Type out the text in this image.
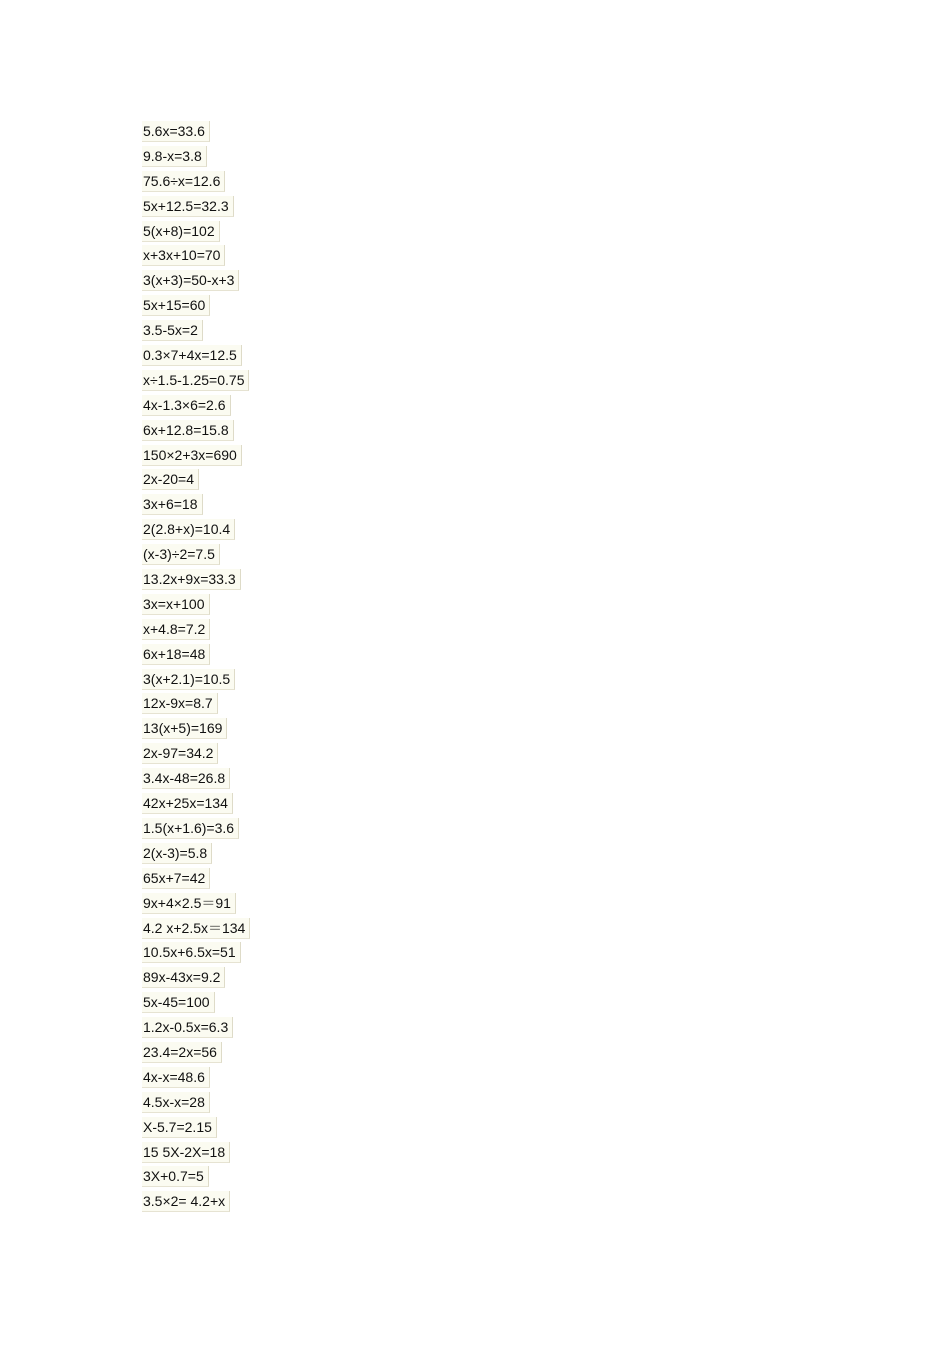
5.6x=33.6
9.8-x=3.8
75.6÷x=12.6
5x+12.5=32.3
5(x+8)=102
x+3x+10=70
3(x+3)=50-x+3
5x+15=60
3.5-5x=2
0.3×7+4x=12.5
x÷1.5-1.25=0.75
4x-1.3×6=2.6
6x+12.8=15.8
150×2+3x=690
2x-20=4
3x+6=18
2(2.8+x)=10.4
(x-3)÷2=7.5
13.2x+9x=33.3
3x=x+100
x+4.8=7.2
6x+18=48
3(x+2.1)=10.5
12x-9x=8.7
13(x+5)=169
2x-97=34.2
3.4x-48=26.8
42x+25x=134
1.5(x+1.6)=3.6
2(x-3)=5.8
65x+7=42
9x+4×2.5＝91
4.2 x+2.5x＝134
10.5x+6.5x=51
89x-43x=9.2
5x-45=100
1.2x-0.5x=6.3
23.4=2x=56
4x-x=48.6
4.5x-x=28
X-5.7=2.15
15 5X-2X=18
3X+0.7=5
3.5×2= 4.2+x
